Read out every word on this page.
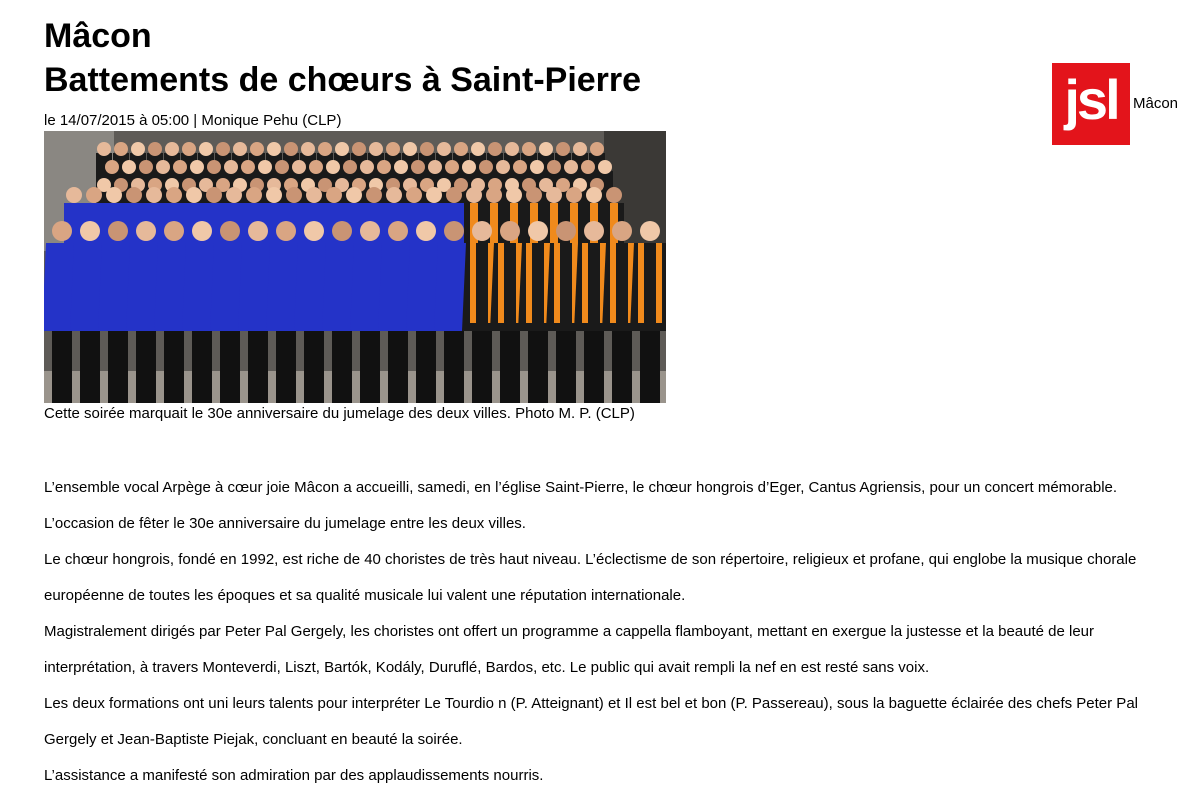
Mâcon
Battements de chœurs à Saint-Pierre
le 14/07/2015 à 05:00 | Monique Pehu (CLP)
Cette soirée marquait le 30e anniversaire du jumelage des deux villes. Photo M. P. (CLP)
jsl Mâcon

L’ensemble vocal Arpège à cœur joie Mâcon a accueilli, samedi, en l’église Saint-Pierre, le chœur hongrois d’Eger, Cantus Agriensis, pour un concert mémorable. L’occasion de fêter le 30e anniversaire du jumelage entre les deux villes.

Le chœur hongrois, fondé en 1992, est riche de 40 choristes de très haut niveau. L’éclectisme de son répertoire, religieux et profane, qui englobe la musique chorale européenne de toutes les époques et sa qualité musicale lui valent une réputation internationale.

Magistralement dirigés par Peter Pal Gergely, les choristes ont offert un programme a cappella flamboyant, mettant en exergue la justesse et la beauté de leur interprétation, à travers Monteverdi, Liszt, Bartók, Kodály, Duruflé, Bardos, etc. Le public qui avait rempli la nef en est resté sans voix.

Les deux formations ont uni leurs talents pour interpréter Le Tourdio n (P. Atteignant) et Il est bel et bon (P. Passereau), sous la baguette éclairée des chefs Peter Pal Gergely et Jean-Baptiste Piejak, concluant en beauté la soirée.

L’assistance a manifesté son admiration par des applaudissements nourris.
